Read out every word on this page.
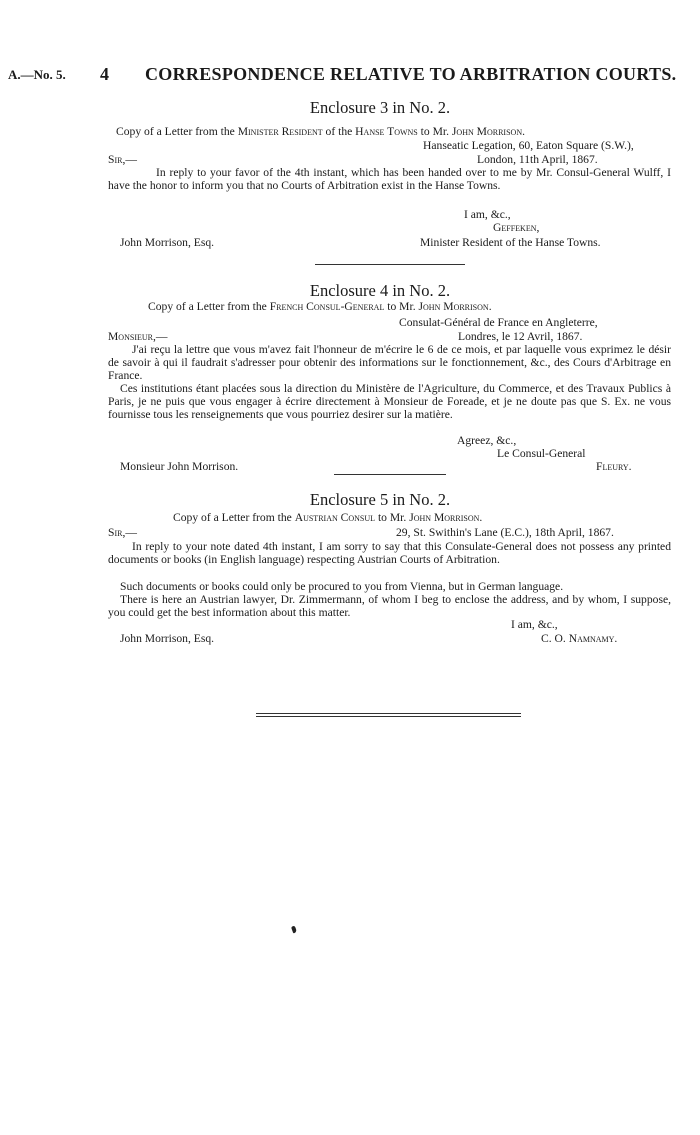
A.—No. 5. 4 CORRESPONDENCE RELATIVE TO ARBITRATION COURTS.
Enclosure 3 in No. 2.
Copy of a Letter from the Minister Resident of the Hanse Towns to Mr. John Morrison.
Hanseatic Legation, 60, Eaton Square (S.W.),
Sir,—	London, 11th April, 1867.
In reply to your favor of the 4th instant, which has been handed over to me by Mr. Consul-General Wulff, I have the honor to inform you that no Courts of Arbitration exist in the Hanse Towns.
I am, &c.,
Geffeken,
John Morrison, Esq.	Minister Resident of the Hanse Towns.
Enclosure 4 in No. 2.
Copy of a Letter from the French Consul-General to Mr. John Morrison.
Consulat-Général de France en Angleterre,
Monsieur,—	Londres, le 12 Avril, 1867.
J'ai reçu la lettre que vous m'avez fait l'honneur de m'écrire le 6 de ce mois, et par laquelle vous exprimez le désir de savoir à qui il faudrait s'adresser pour obtenir des informations sur le fonctionnement, &c., des Cours d'Arbitrage en France.
Ces institutions étant placées sous la direction du Ministère de l'Agriculture, du Commerce, et des Travaux Publics à Paris, je ne puis que vous engager à écrire directement à Monsieur de Foreade, et je ne doute pas que S. Ex. ne vous fournisse tous les renseignements que vous pourriez desirer sur la matière.
Agreez, &c.,
Le Consul-General
Monsieur John Morrison.	Fleury.
Enclosure 5 in No. 2.
Copy of a Letter from the Austrian Consul to Mr. John Morrison.
Sir,—	29, St. Swithin's Lane (E.C.), 18th April, 1867.
In reply to your note dated 4th instant, I am sorry to say that this Consulate-General does not possess any printed documents or books (in English language) respecting Austrian Courts of Arbitration.
Such documents or books could only be procured to you from Vienna, but in German language.
There is here an Austrian lawyer, Dr. Zimmermann, of whom I beg to enclose the address, and by whom, I suppose, you could get the best information about this matter.
I am, &c.,
John Morrison, Esq.	C. O. Namnamy.
